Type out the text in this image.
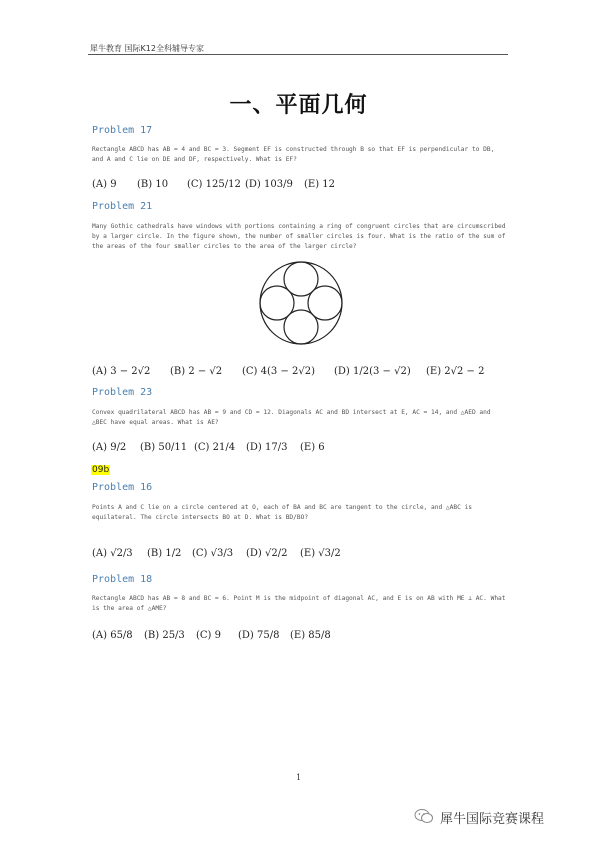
犀牛教育 国际K12全科辅导专家
一、平面几何
Problem 17
Rectangle ABCD has AB = 4 and BC = 3. Segment EF is constructed through B so that EF is perpendicular to DB, and A and C lie on DE and DF, respectively. What is EF?
(A) 9 (B) 10 (C) 125/12 (D) 103/9 (E) 12
Problem 21
Many Gothic cathedrals have windows with portions containing a ring of congruent circles that are circumscribed by a larger circle. In the figure shown, the number of smaller circles is four. What is the ratio of the sum of the areas of the four smaller circles to the area of the larger circle?
(A) 3 − 2√2 (B) 2 − √2 (C) 4(3 − 2√2) (D) 1/2(3 − √2) (E) 2√2 − 2
Problem 23
Convex quadrilateral ABCD has AB = 9 and CD = 12. Diagonals AC and BD intersect at E, AC = 14, and △AED and △BEC have equal areas. What is AE?
(A) 9/2 (B) 50/11 (C) 21/4 (D) 17/3 (E) 6
09b
Problem 16
Points A and C lie on a circle centered at O, each of BA and BC are tangent to the circle, and △ABC is equilateral. The circle intersects BO at D. What is BD/BO?
(A) √2/3 (B) 1/2 (C) √3/3 (D) √2/2 (E) √3/2
Problem 18
Rectangle ABCD has AB = 8 and BC = 6. Point M is the midpoint of diagonal AC, and E is on AB with ME ⊥ AC. What is the area of △AME?
(A) 65/8 (B) 25/3 (C) 9 (D) 75/8 (E) 85/8
1
犀牛国际竞赛课程
